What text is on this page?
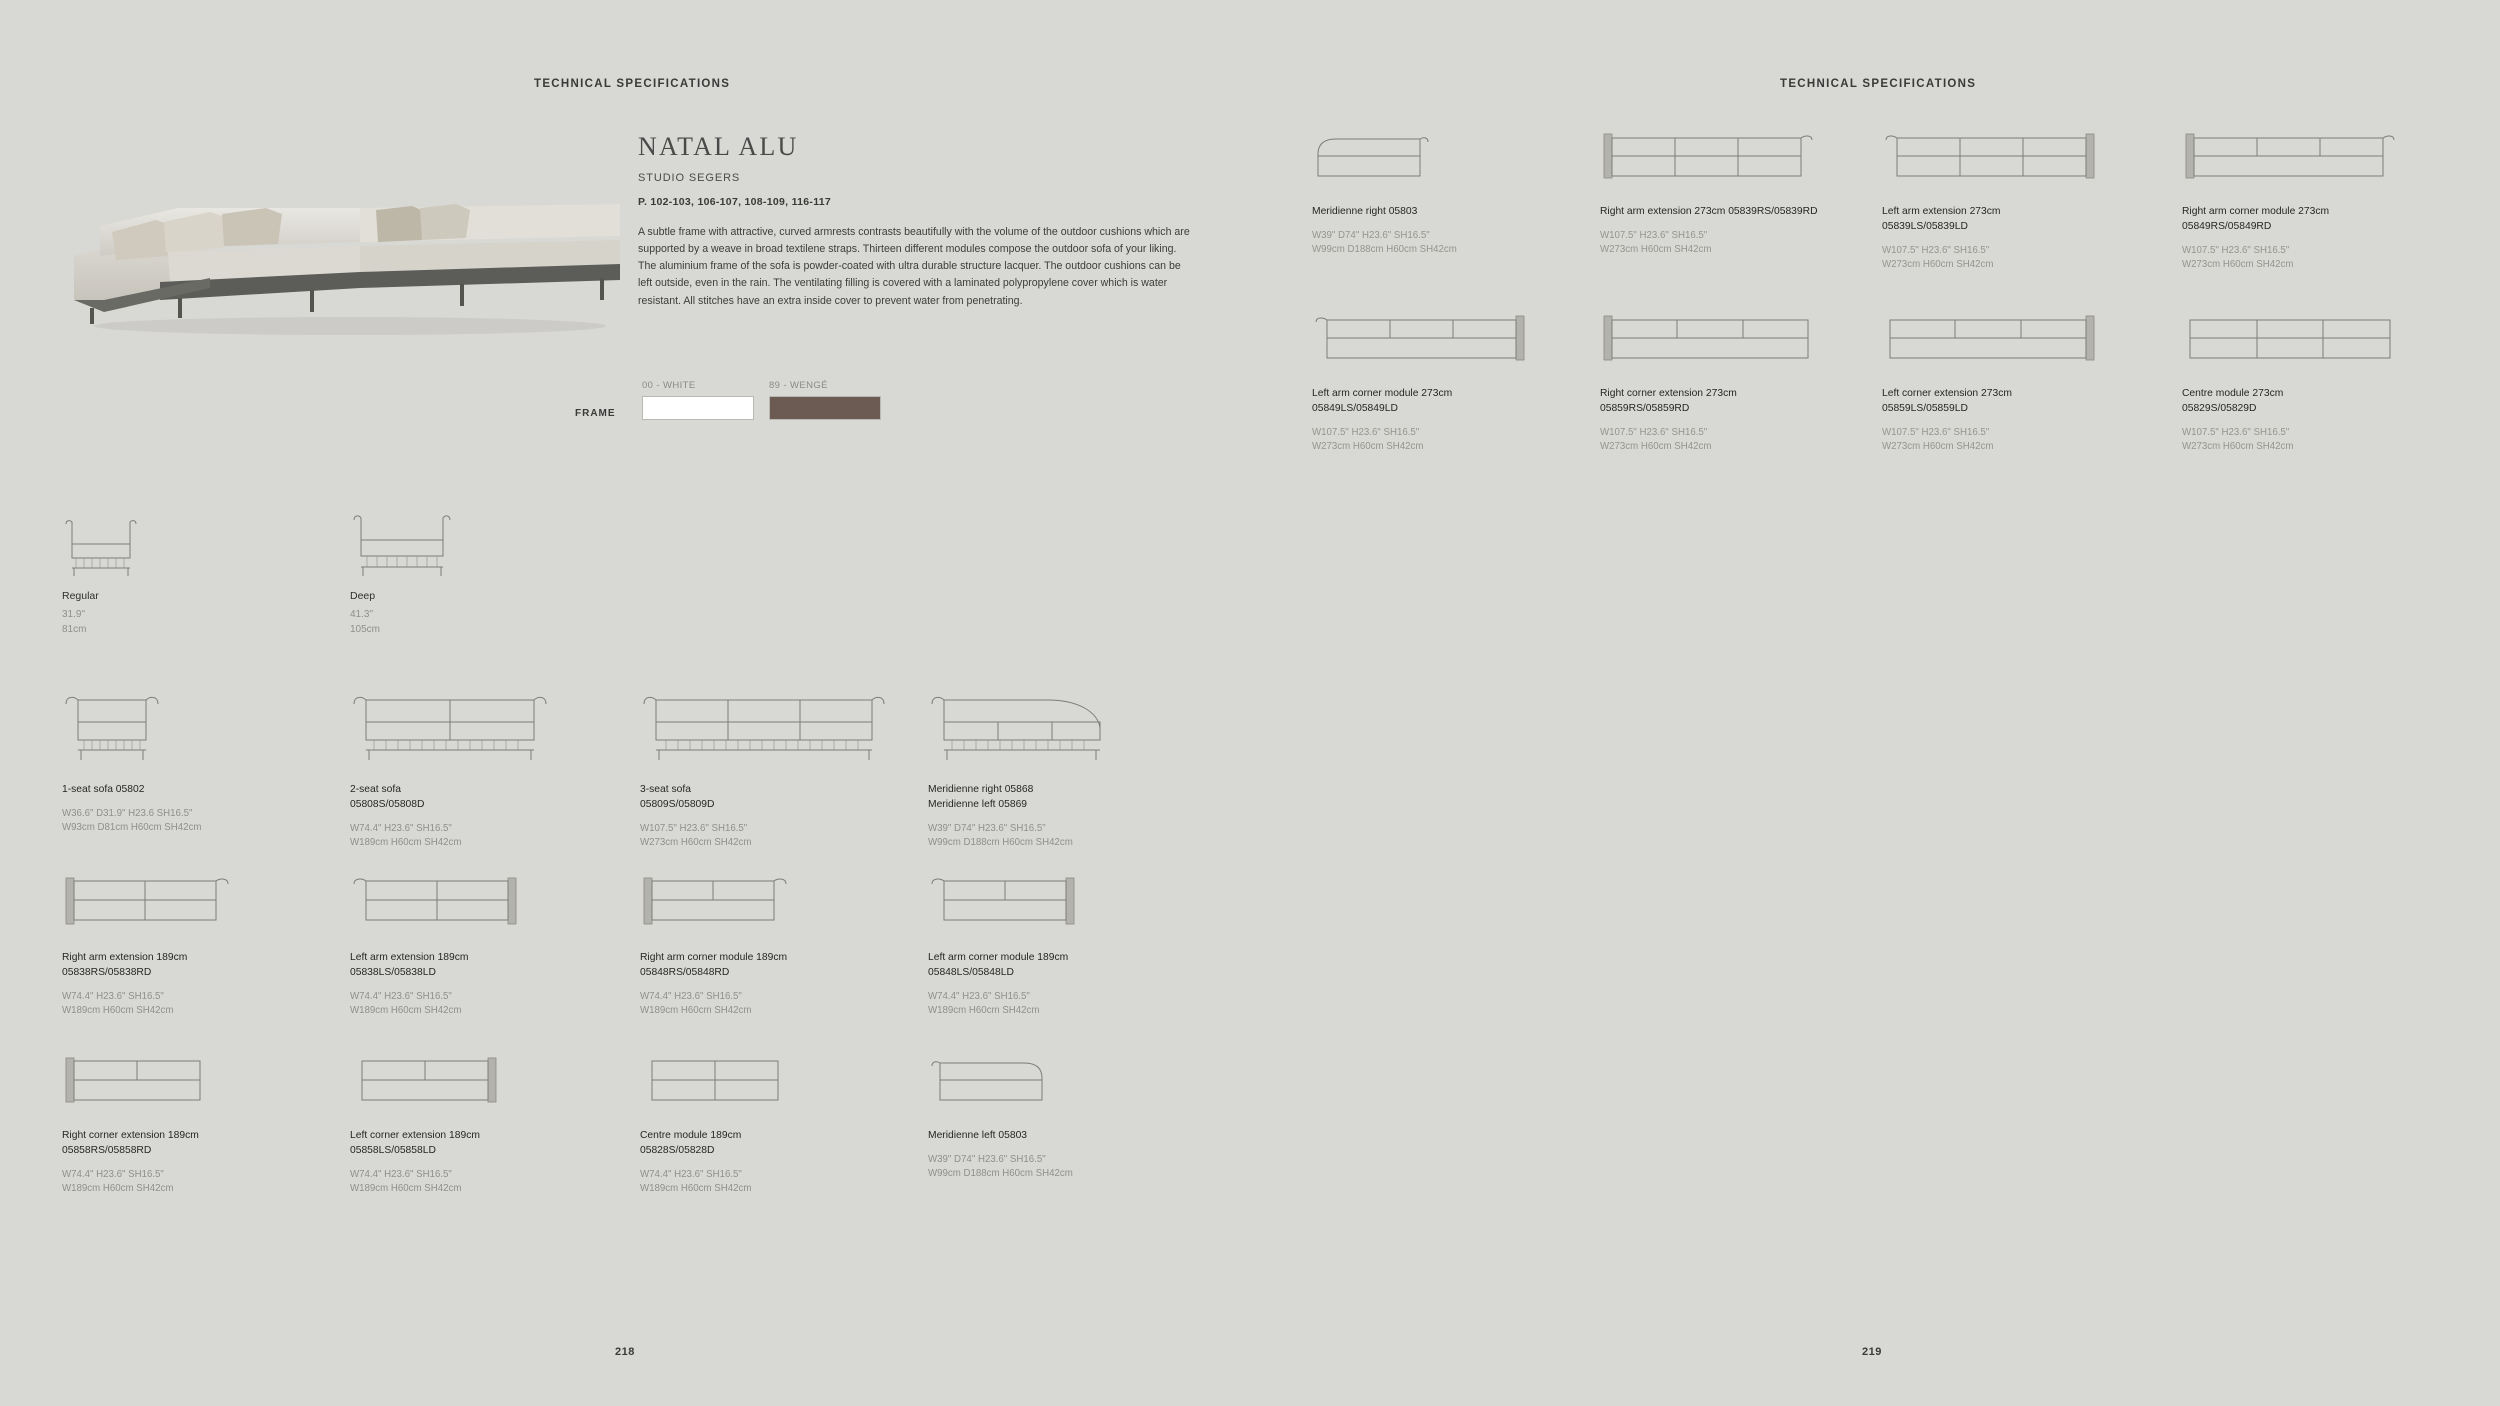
TECHNICAL SPECIFICATIONS
NATAL ALU
STUDIO SEGERS
P. 102-103, 106-107, 108-109, 116-117
A subtle frame with attractive, curved armrests contrasts beautifully with the volume of the outdoor cushions which are supported by a weave in broad textilene straps. Thirteen different modules compose the outdoor sofa of your liking. The aluminium frame of the sofa is powder-coated with ultra durable structure lacquer. The outdoor cushions can be left outside, even in the rain. The ventilating filling is covered with a laminated polypropylene cover which is water resistant. All stitches have an extra inside cover to prevent water from penetrating.
FRAME
00 - WHITE	89 - WENGÉ
Regular
31.9"
81cm
Deep
41.3"
105cm
1-seat sofa 05802
W36.6" D31.9" H23.6 SH16.5"
W93cm D81cm H60cm SH42cm
2-seat sofa
05808S/05808D
W74.4" H23.6" SH16.5"
W189cm H60cm SH42cm
3-seat sofa
05809S/05809D
W107.5" H23.6" SH16.5"
W273cm H60cm SH42cm
Meridienne right 05868
Meridienne left 05869
W39" D74" H23.6" SH16.5"
W99cm D188cm H60cm SH42cm
Right arm extension 189cm
05838RS/05838RD
W74.4" H23.6" SH16.5"
W189cm H60cm SH42cm
Left arm extension 189cm
05838LS/05838LD
W74.4" H23.6" SH16.5"
W189cm H60cm SH42cm
Right arm corner module 189cm
05848RS/05848RD
W74.4" H23.6" SH16.5"
W189cm H60cm SH42cm
Left arm corner module 189cm
05848LS/05848LD
W74.4" H23.6" SH16.5"
W189cm H60cm SH42cm
Right corner extension 189cm
05858RS/05858RD
W74.4" H23.6" SH16.5"
W189cm H60cm SH42cm
Left corner extension 189cm
05858LS/05858LD
W74.4" H23.6" SH16.5"
W189cm H60cm SH42cm
Centre module 189cm
05828S/05828D
W74.4" H23.6" SH16.5"
W189cm H60cm SH42cm
Meridienne left 05803
W39" D74" H23.6" SH16.5"
W99cm D188cm H60cm SH42cm
218
TECHNICAL SPECIFICATIONS
Meridienne right 05803
W39" D74" H23.6" SH16.5"
W99cm D188cm H60cm SH42cm
Right arm extension 273cm 05839RS/05839RD
W107.5" H23.6" SH16.5"
W273cm H60cm SH42cm
Left arm extension 273cm
05839LS/05839LD
W107.5" H23.6" SH16.5"
W273cm H60cm SH42cm
Right arm corner module 273cm
05849RS/05849RD
W107.5" H23.6" SH16.5"
W273cm H60cm SH42cm
Left arm corner module 273cm
05849LS/05849LD
W107.5" H23.6" SH16.5"
W273cm H60cm SH42cm
Right corner extension 273cm
05859RS/05859RD
W107.5" H23.6" SH16.5"
W273cm H60cm SH42cm
Left corner extension 273cm
05859LS/05859LD
W107.5" H23.6" SH16.5"
W273cm H60cm SH42cm
Centre module 273cm
05829S/05829D
W107.5" H23.6" SH16.5"
W273cm H60cm SH42cm
219
